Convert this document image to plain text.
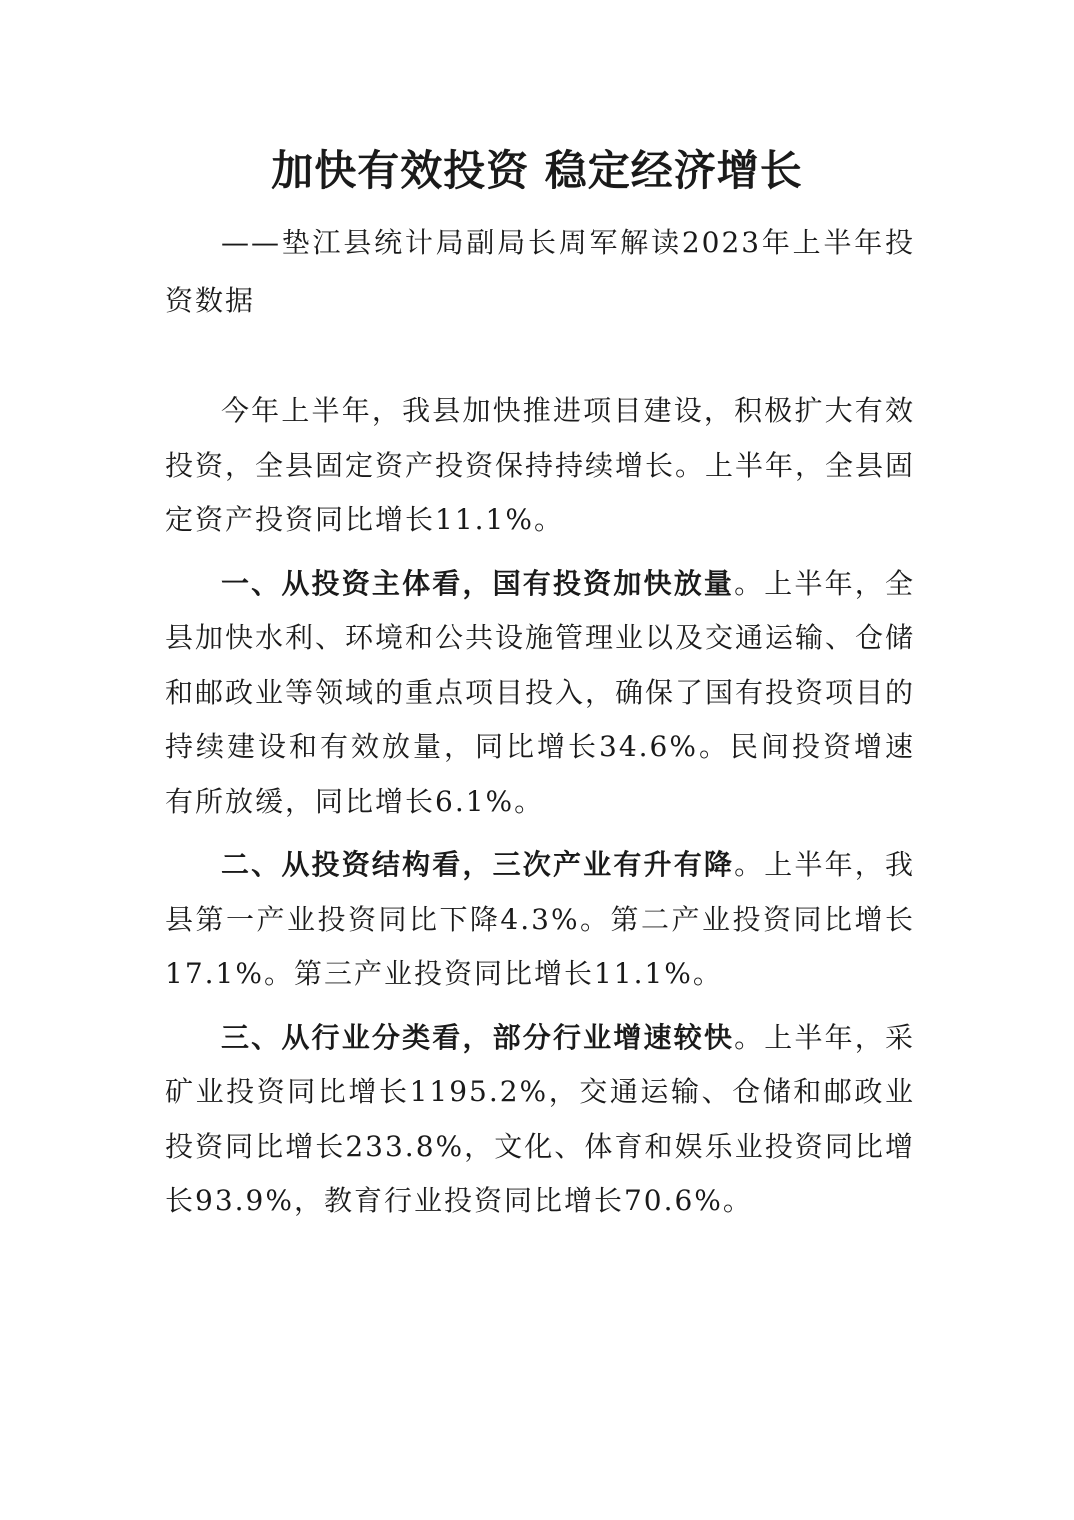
加快有效投资 稳定经济增长

——垫江县统计局副局长周军解读2023年上半年投资数据

今年上半年，我县加快推进项目建设，积极扩大有效投资，全县固定资产投资保持持续增长。上半年，全县固定资产投资同比增长11.1%。

一、从投资主体看，国有投资加快放量。上半年，全县加快水利、环境和公共设施管理业以及交通运输、仓储和邮政业等领域的重点项目投入，确保了国有投资项目的持续建设和有效放量，同比增长34.6%。民间投资增速有所放缓，同比增长6.1%。

二、从投资结构看，三次产业有升有降。上半年，我县第一产业投资同比下降4.3%。第二产业投资同比增长17.1%。第三产业投资同比增长11.1%。

三、从行业分类看，部分行业增速较快。上半年，采矿业投资同比增长1195.2%，交通运输、仓储和邮政业投资同比增长233.8%，文化、体育和娱乐业投资同比增长93.9%，教育行业投资同比增长70.6%。
